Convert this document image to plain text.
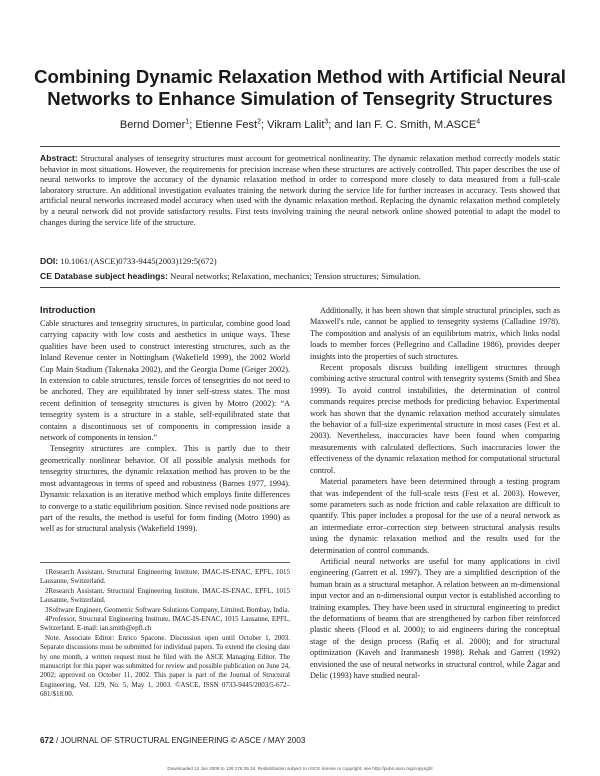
Combining Dynamic Relaxation Method with Artificial Neural Networks to Enhance Simulation of Tensegrity Structures
Bernd Domer$^1$; Etienne Fest$^2$; Vikram Lalit$^3$; and Ian F. C. Smith, M.ASCE$^4$
Abstract: Structural analyses of tensegrity structures must account for geometrical nonlinearity. The dynamic relaxation method correctly models static behavior in most situations. However, the requirements for precision increase when these structures are actively controlled. This paper describes the use of neural networks to improve the accuracy of the dynamic relaxation method in order to correspond more closely to data measured from a full-scale laboratory structure. An additional investigation evaluates training the network during the service life for further increases in accuracy. Tests showed that artificial neural networks increased model accuracy when used with the dynamic relaxation method. Replacing the dynamic relaxation method completely by a neural network did not provide satisfactory results. First tests involving training the neural network online showed potential to adapt the model to changes during the service life of the structure.
DOI: 10.1061/(ASCE)0733-9445(2003)129:5(672)
CE Database subject headings: Neural networks; Relaxation, mechanics; Tension structures; Simulation.
Introduction

Cable structures and tensegrity structures, in particular, combine good load carrying capacity with low costs and aesthetics in unique ways. These qualities have been used to construct interesting structures, such as the Inland Revenue center in Nottingham (Wakefield 1999), the 2002 World Cup Main Stadium (Takenaka 2002), and the Georgia Dome (Geiger 2002). In extension to cable structures, tensile forces of tensegrities do not need to be anchored. They are equilibrated by inner self-stress states. The most recent definition of tensegrity structures is given by Motro (2002): “A tensegrity system is a structure in a stable, self-equilibrated state that contains a discontinuous set of components in compression inside a network of components in tension.”

Tensegrity structures are complex. This is partly due to their geometrically nonlinear behavior. Of all possible analysis methods for tensegrity structures, the dynamic relaxation method has proven to be the most advantageous in terms of speed and robustness (Barnes 1977, 1994). Dynamic relaxation is an iterative method which employs finite differences to converge to a static equilibrium position. Since revised node positions are part of the results, the method is useful for form finding (Motro 1990) as well as for structural analysis (Wakefield 1999).

1Research Assistant, Structural Engineering Institute, IMAC-IS-ENAC, EPFL, 1015 Lausanne, Switzerland.

2Research Assistant, Structural Engineering Institute, IMAC-IS-ENAC, EPFL, 1015 Lausanne, Switzerland.

3Software Engineer, Geometric Software Solutions Company, Limited, Bombay, India.

4Professor, Structural Engineering Institute, IMAC-IS-ENAC, 1015 Lausanne, EPFL, Switzerland. E-mail: ian.smith@epfl.ch

Note. Associate Editor: Enrico Spacone. Discussion open until October 1, 2003. Separate discussions must be submitted for individual papers. To extend the closing date by one month, a written request must be filed with the ASCE Managing Editor. The manuscript for this paper was submitted for review and possible publication on June 24, 2002; approved on October 11, 2002. This paper is part of the Journal of Structural Engineering, Vol. 129, No. 5, May 1, 2003. ©ASCE, ISSN 0733-9445/2003/5-672–681/$18.00.

Additionally, it has been shown that simple structural principles, such as Maxwell's rule, cannot be applied to tensegrity systems (Calladine 1978). The composition and analysis of an equilibrium matrix, which links nodal loads to member forces (Pellegrino and Calladine 1986), provides deeper insights into the properties of such structures.

Recent proposals discuss building intelligent structures through combining active structural control with tensegrity systems (Smith and Shea 1999). To avoid control instabilities, the determination of control commands requires precise methods for predicting behavior. Experimental work has shown that the dynamic relaxation method accurately simulates the behavior of a full-size experimental structure in most cases (Fest et al. 2003). Nevertheless, inaccuracies have been found when comparing measurements with calculated deflections. Such inaccuracies lower the effectiveness of the dynamic relaxation method for computational structural control.

Material parameters have been determined through a testing program that was independent of the full-scale tests (Fest et al. 2003). However, some parameters such as node friction and cable relaxation are difficult to quantify. This paper includes a proposal for the use of a neural network as an intermediate error–correction step between structural analysis results using the dynamic relaxation method and the results used for the determination of control commands.

Artificial neural networks are useful for many applications in civil engineering (Garrett et al. 1997). They are a simplified description of the human brain as a structural metaphor. A relation between an m-dimensional input vector and an n-dimensional output vector is established according to training examples. They have been used in structural engineering to predict the deformations of beams that are strengthened by carbon fiber reinforced plastic sheets (Flood et al. 2000); to aid engineers during the conceptual stage of the design process (Rafiq et al. 2000); and for structural optimization (Kaveh and Iranmanesh 1998). Rehak and Garrett (1992) envisioned the use of neural networks in structural control, while Žagar and Delic (1993) have studied neural-

672 / JOURNAL OF STRUCTURAL ENGINEERING © ASCE / MAY 2003
Downloaded 12 Jun 2009 to 128.178.35.34. Redistribution subject to ASCE license or copyright; see http://pubs.asce.org/copyright
